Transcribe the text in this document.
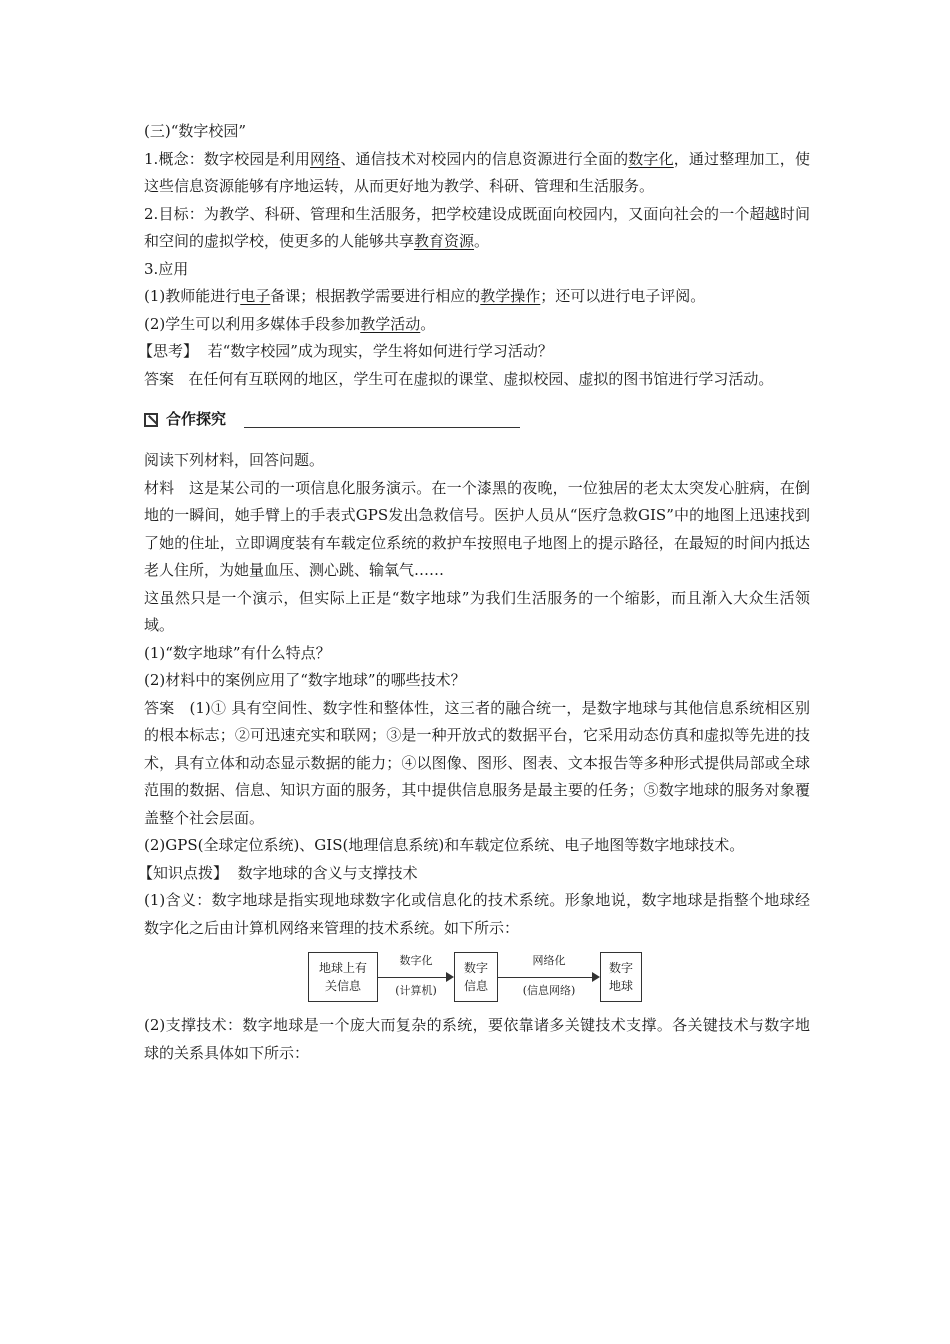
(三)“数字校园”

1.概念：数字校园是利用网络、通信技术对校园内的信息资源进行全面的数字化，通过整理加工，使这些信息资源能够有序地运转，从而更好地为教学、科研、管理和生活服务。

2.目标：为教学、科研、管理和生活服务，把学校建设成既面向校园内，又面向社会的一个超越时间和空间的虚拟学校，使更多的人能够共享教育资源。

3.应用

(1)教师能进行电子备课；根据教学需要进行相应的教学操作；还可以进行电子评阅。

(2)学生可以利用多媒体手段参加教学活动。

【思考】 若“数字校园”成为现实，学生将如何进行学习活动？

答案 在任何有互联网的地区，学生可在虚拟的课堂、虚拟校园、虚拟的图书馆进行学习活动。

合作探究

阅读下列材料，回答问题。

材料 这是某公司的一项信息化服务演示。在一个漆黑的夜晚，一位独居的老太太突发心脏病，在倒地的一瞬间，她手臂上的手表式GPS发出急救信号。医护人员从“医疗急救GIS”中的地图上迅速找到了她的住址，立即调度装有车载定位系统的救护车按照电子地图上的提示路径，在最短的时间内抵达老人住所，为她量血压、测心跳、输氧气……

这虽然只是一个演示，但实际上正是“数字地球”为我们生活服务的一个缩影，而且渐入大众生活领域。

(1)“数字地球”有什么特点？

(2)材料中的案例应用了“数字地球”的哪些技术？

答案 (1)① 具有空间性、数字性和整体性，这三者的融合统一，是数字地球与其他信息系统相区别的根本标志；②可迅速充实和联网；③是一种开放式的数据平台，它采用动态仿真和虚拟等先进的技术，具有立体和动态显示数据的能力；④以图像、图形、图表、文本报告等多种形式提供局部或全球范围的数据、信息、知识方面的服务，其中提供信息服务是最主要的任务；⑤数字地球的服务对象覆盖整个社会层面。

(2)GPS(全球定位系统)、GIS(地理信息系统)和车载定位系统、电子地图等数字地球技术。

【知识点拨】 数字地球的含义与支撑技术

(1)含义：数字地球是指实现地球数字化或信息化的技术系统。形象地说，数字地球是指整个地球经数字化之后由计算机网络来管理的技术系统。如下所示：

地球上有
关信息
数字化
(计算机)
数字
信息
网络化
(信息网络)
数字
地球

(2)支撑技术：数字地球是一个庞大而复杂的系统，要依靠诸多关键技术支撑。各关键技术与数字地球的关系具体如下所示：
